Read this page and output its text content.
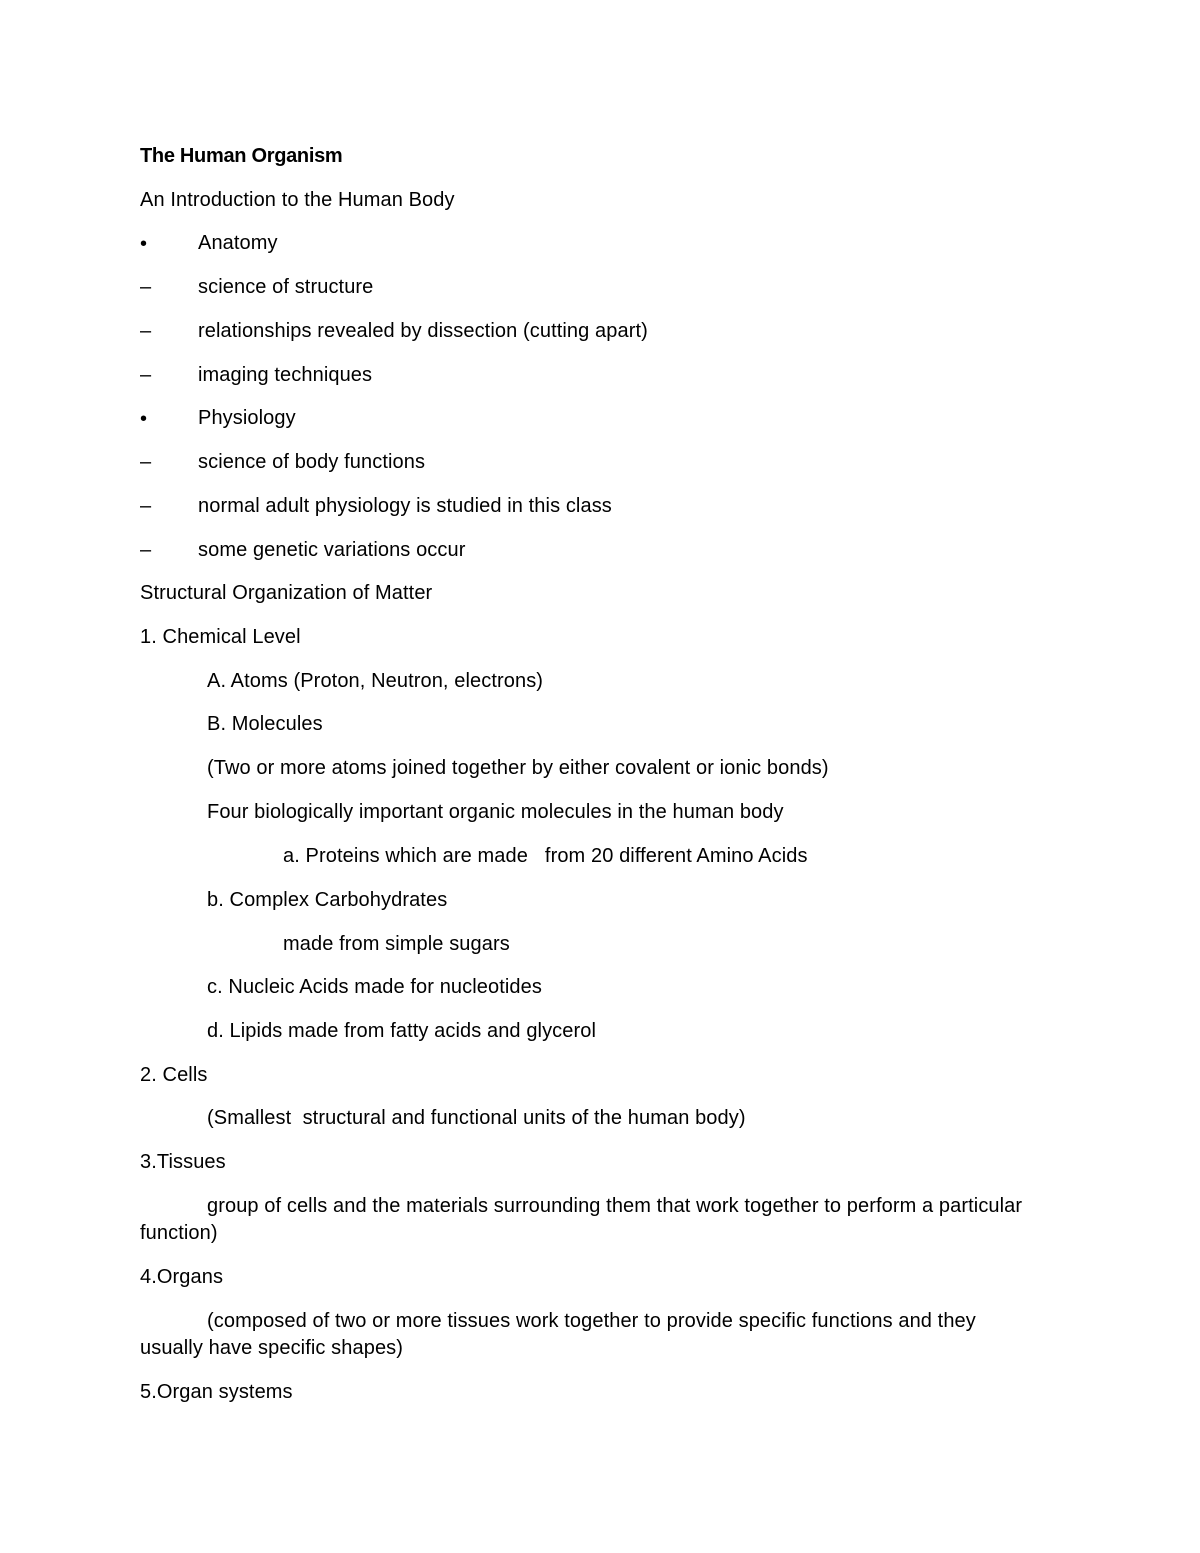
The Human Organism
An Introduction to the Human Body
•	Anatomy
–	science of structure
–	relationships revealed by dissection (cutting apart)
–	imaging techniques
•	Physiology
–	science of body functions
–	normal adult physiology is studied in this class
–	some genetic variations occur
Structural Organization of Matter
1. Chemical Level
A. Atoms (Proton, Neutron, electrons)
B. Molecules
(Two or more atoms joined together by either covalent or ionic bonds)
Four biologically important organic molecules in the human body
a. Proteins which are made   from 20 different Amino Acids
b. Complex Carbohydrates
made from simple sugars
c. Nucleic Acids made for nucleotides
d. Lipids made from fatty acids and glycerol
2. Cells
(Smallest  structural and functional units of the human body)
3.Tissues
group of cells and the materials surrounding them that work together to perform a particular function)
4.Organs
(composed of two or more tissues work together to provide specific functions and they usually have specific shapes)
5.Organ systems
